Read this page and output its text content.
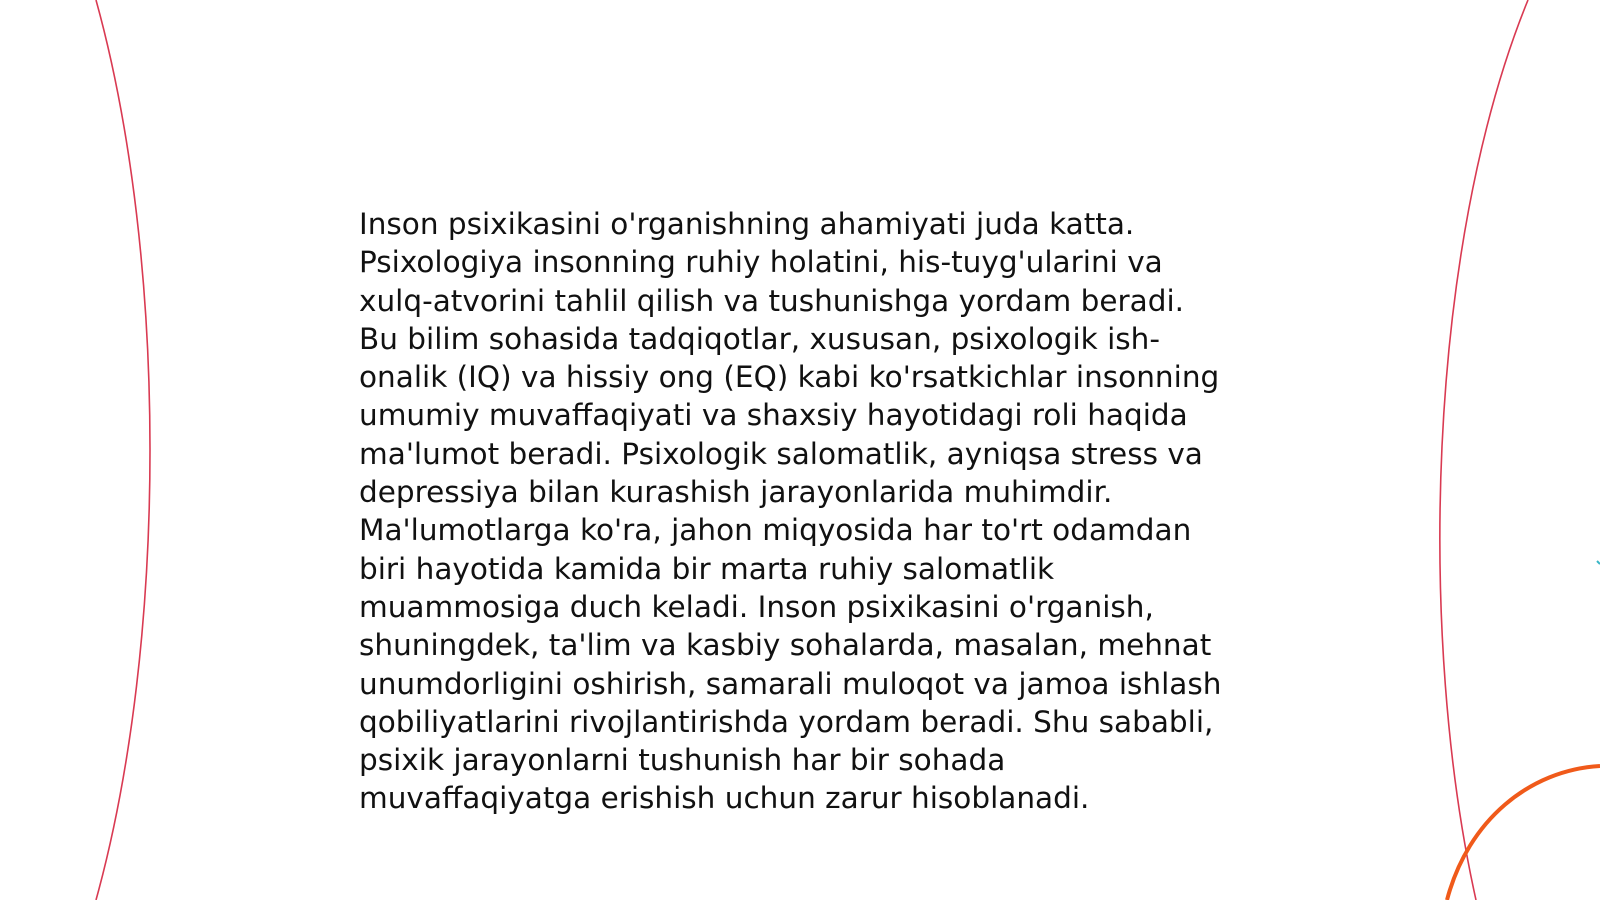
Inson psixikasini o'rganishning ahamiyati juda katta.
Psixologiya insonning ruhiy holatini, his-tuyg'ularini va
xulq-atvorini tahlil qilish va tushunishga yordam beradi.
Bu bilim sohasida tadqiqotlar, xususan, psixologik ish-
onalik (IQ) va hissiy ong (EQ) kabi ko'rsatkichlar insonning
umumiy muvaffaqiyati va shaxsiy hayotidagi roli haqida
ma'lumot beradi. Psixologik salomatlik, ayniqsa stress va
depressiya bilan kurashish jarayonlarida muhimdir.
Ma'lumotlarga ko'ra, jahon miqyosida har to'rt odamdan
biri hayotida kamida bir marta ruhiy salomatlik
muammosiga duch keladi. Inson psixikasini o'rganish,
shuningdek, ta'lim va kasbiy sohalarda, masalan, mehnat
unumdorligini oshirish, samarali muloqot va jamoa ishlash
qobiliyatlarini rivojlantirishda yordam beradi. Shu sababli,
psixik jarayonlarni tushunish har bir sohada
muvaffaqiyatga erishish uchun zarur hisoblanadi.
